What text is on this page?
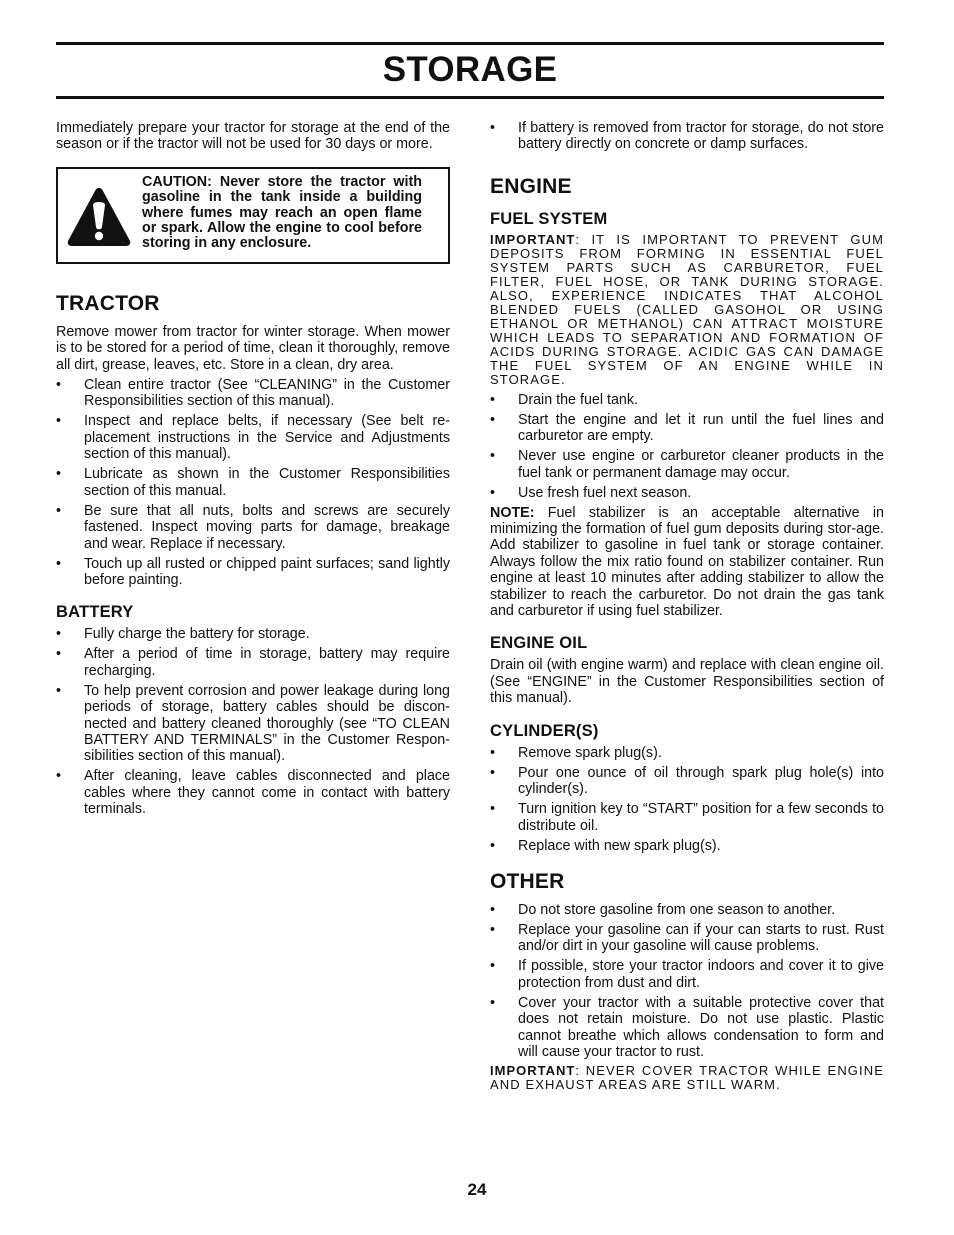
STORAGE

Immediately prepare your tractor for storage at the end of the season or if the tractor will not be used for 30 days or more.

CAUTION: Never store the tractor with gasoline in the tank inside a building where fumes may reach an open flame or spark. Allow the engine to cool before storing in any enclosure.
TRACTOR

Remove mower from tractor for winter storage. When mower is to be stored for a period of time, clean it thoroughly, remove all dirt, grease, leaves, etc. Store in a clean, dry area.

• Clean entire tractor (See “CLEANING” in the Customer Responsibilities section of this manual).
• Inspect and replace belts, if necessary (See belt re-placement instructions in the Service and Adjustments section of this manual).
• Lubricate as shown in the Customer Responsibilities section of this manual.
• Be sure that all nuts, bolts and screws are securely fastened. Inspect moving parts for damage, breakage and wear. Replace if necessary.
• Touch up all rusted or chipped paint surfaces; sand lightly before painting.
BATTERY
• Fully charge the battery for storage.
• After a period of time in storage, battery may require recharging.
• To help prevent corrosion and power leakage during long periods of storage, battery cables should be discon-nected and battery cleaned thoroughly (see “TO CLEAN BATTERY AND TERMINALS” in the Customer Respon-sibilities section of this manual).
• After cleaning, leave cables disconnected and place cables where they cannot come in contact with battery terminals.
• If battery is removed from tractor for storage, do not store battery directly on concrete or damp surfaces.
ENGINE
FUEL SYSTEM

IMPORTANT: IT IS IMPORTANT TO PREVENT GUM DEPOSITS FROM FORMING IN ESSENTIAL FUEL SYSTEM PARTS SUCH AS CARBURETOR, FUEL FILTER, FUEL HOSE, OR TANK DURING STORAGE. ALSO, EXPERIENCE INDICATES THAT ALCOHOL BLENDED FUELS (CALLED GASOHOL OR USING ETHANOL OR METHANOL) CAN ATTRACT MOISTURE WHICH LEADS TO SEPARATION AND FORMATION OF ACIDS DURING STORAGE. ACIDIC GAS CAN DAMAGE THE FUEL SYSTEM OF AN ENGINE WHILE IN STORAGE.

• Drain the fuel tank.
• Start the engine and let it run until the fuel lines and carburetor are empty.
• Never use engine or carburetor cleaner products in the fuel tank or permanent damage may occur.
• Use fresh fuel next season.

NOTE: Fuel stabilizer is an acceptable alternative in minimizing the formation of fuel gum deposits during stor-age. Add stabilizer to gasoline in fuel tank or storage container. Always follow the mix ratio found on stabilizer container. Run engine at least 10 minutes after adding stabilizer to allow the stabilizer to reach the carburetor. Do not drain the gas tank and carburetor if using fuel stabilizer.

ENGINE OIL

Drain oil (with engine warm) and replace with clean engine oil. (See “ENGINE” in the Customer Responsibilities section of this manual).

CYLINDER(S)
• Remove spark plug(s).
• Pour one ounce of oil through spark plug hole(s) into cylinder(s).
• Turn ignition key to “START” position for a few seconds to distribute oil.
• Replace with new spark plug(s).
OTHER
• Do not store gasoline from one season to another.
• Replace your gasoline can if your can starts to rust. Rust and/or dirt in your gasoline will cause problems.
• If possible, store your tractor indoors and cover it to give protection from dust and dirt.
• Cover your tractor with a suitable protective cover that does not retain moisture. Do not use plastic. Plastic cannot breathe which allows condensation to form and will cause your tractor to rust.

IMPORTANT: NEVER COVER TRACTOR WHILE ENGINE AND EXHAUST AREAS ARE STILL WARM.

24
